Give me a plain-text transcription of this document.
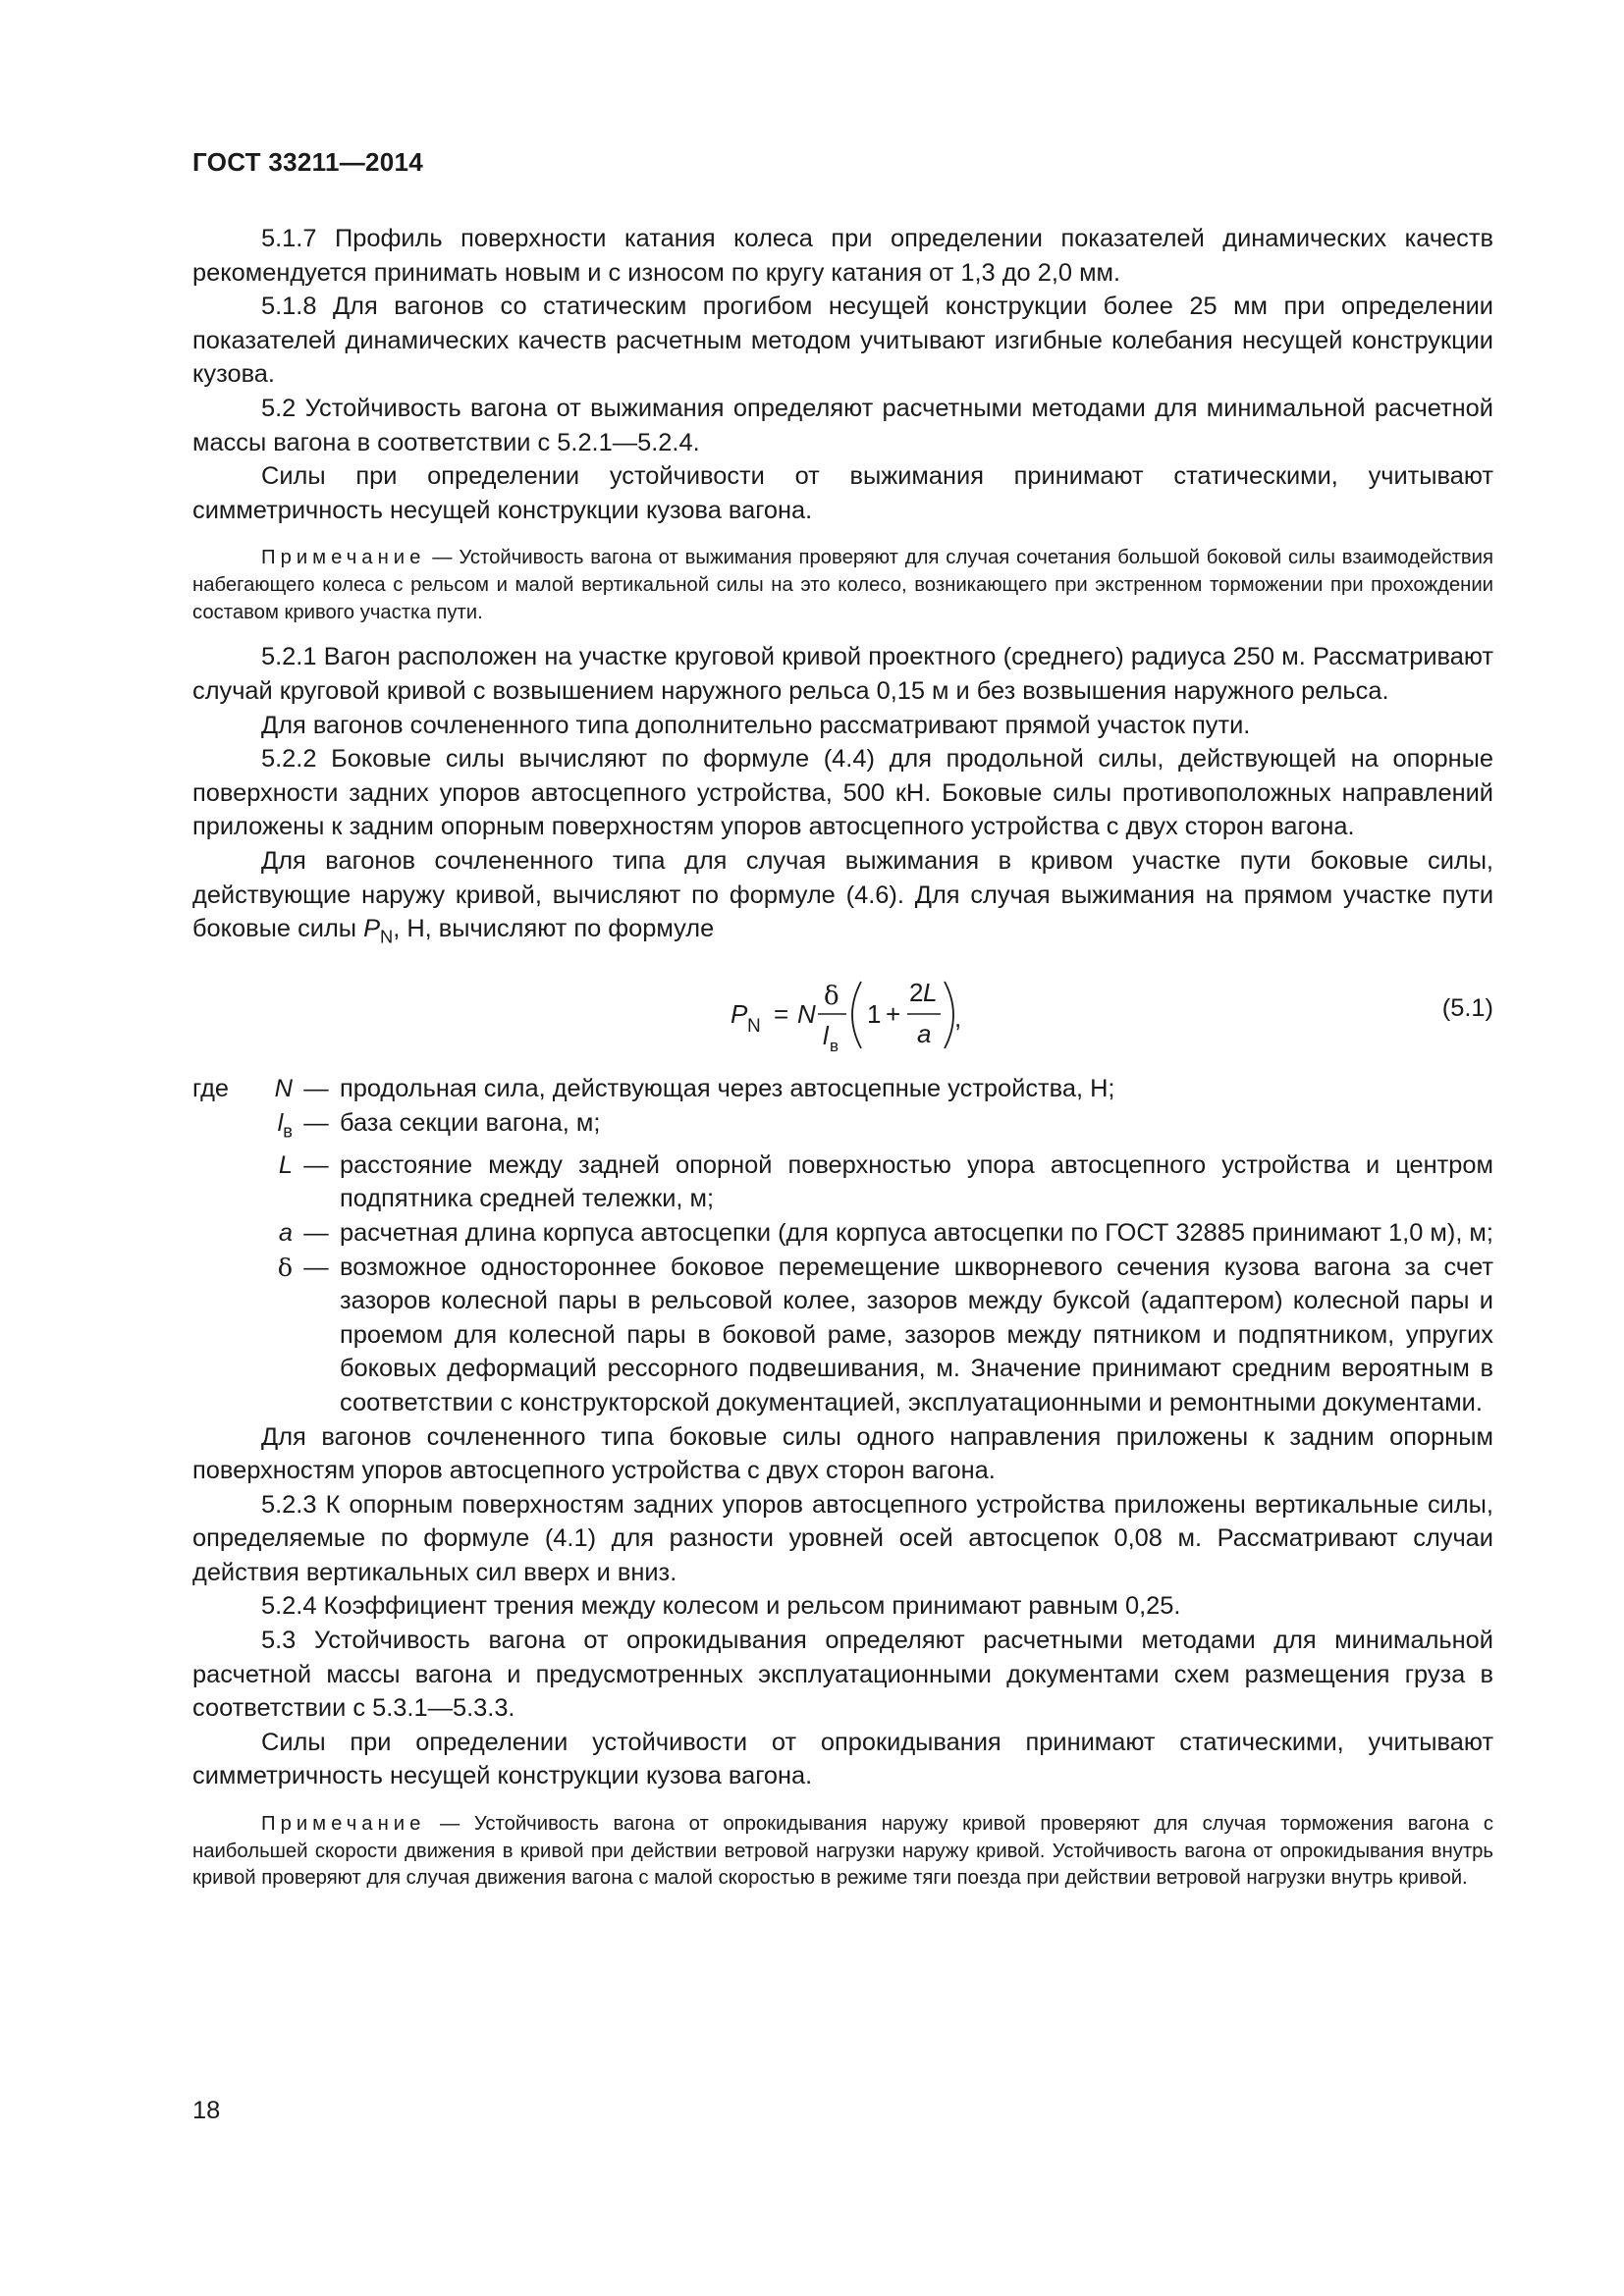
ГОСТ 33211—2014

5.1.7 Профиль поверхности катания колеса при определении показателей динамических качеств рекомендуется принимать новым и с износом по кругу катания от 1,3 до 2,0 мм.

5.1.8 Для вагонов со статическим прогибом несущей конструкции более 25 мм при определении показателей динамических качеств расчетным методом учитывают изгибные колебания несущей конструкции кузова.

5.2 Устойчивость вагона от выжимания определяют расчетными методами для минимальной расчетной массы вагона в соответствии с 5.2.1—5.2.4.

Силы при определении устойчивости от выжимания принимают статическими, учитывают симметричность несущей конструкции кузова вагона.

Примечание — Устойчивость вагона от выжимания проверяют для случая сочетания большой боковой силы взаимодействия набегающего колеса с рельсом и малой вертикальной силы на это колесо, возникающего при экстренном торможении при прохождении составом кривого участка пути.

5.2.1 Вагон расположен на участке круговой кривой проектного (среднего) радиуса 250 м. Рассматривают случай круговой кривой с возвышением наружного рельса 0,15 м и без возвышения наружного рельса.

Для вагонов сочлененного типа дополнительно рассматривают прямой участок пути.

5.2.2 Боковые силы вычисляют по формуле (4.4) для продольной силы, действующей на опорные поверхности задних упоров автосцепного устройства, 500 кН. Боковые силы противоположных направлений приложены к задним опорным поверхностям упоров автосцепного устройства с двух сторон вагона.

Для вагонов сочлененного типа для случая выжимания в кривом участке пути боковые силы, действующие наружу кривой, вычисляют по формуле (4.6). Для случая выжимания на прямом участке пути боковые силы $P_N$, Н, вычисляют по формуле

P N = N
δ
l в
1 +
2 L
a
,	(5.1)
где	N — продольная сила, действующая через автосцепные устройства, Н;
$l_в$ — база секции вагона, м;
L — расстояние между задней опорной поверхностью упора автосцепного устройства и центром подпятника средней тележки, м;
a — расчетная длина корпуса автосцепки (для корпуса автосцепки по ГОСТ 32885 принимают 1,0 м), м;
δ — возможное одностороннее боковое перемещение шкворневого сечения кузова вагона за счет зазоров колесной пары в рельсовой колее, зазоров между буксой (адаптером) колесной пары и проемом для колесной пары в боковой раме, зазоров между пятником и подпятником, упругих боковых деформаций рессорного подвешивания, м. Значение принимают средним вероятным в соответствии с конструкторской документацией, эксплуатационными и ремонтными документами.

Для вагонов сочлененного типа боковые силы одного направления приложены к задним опорным поверхностям упоров автосцепного устройства с двух сторон вагона.

5.2.3 К опорным поверхностям задних упоров автосцепного устройства приложены вертикальные силы, определяемые по формуле (4.1) для разности уровней осей автосцепок 0,08 м. Рассматривают случаи действия вертикальных сил вверх и вниз.

5.2.4 Коэффициент трения между колесом и рельсом принимают равным 0,25.

5.3 Устойчивость вагона от опрокидывания определяют расчетными методами для минимальной расчетной массы вагона и предусмотренных эксплуатационными документами схем размещения груза в соответствии с 5.3.1—5.3.3.

Силы при определении устойчивости от опрокидывания принимают статическими, учитывают симметричность несущей конструкции кузова вагона.

Примечание — Устойчивость вагона от опрокидывания наружу кривой проверяют для случая торможения вагона с наибольшей скорости движения в кривой при действии ветровой нагрузки наружу кривой. Устойчивость вагона от опрокидывания внутрь кривой проверяют для случая движения вагона с малой скоростью в режиме тяги поезда при действии ветровой нагрузки внутрь кривой.

18
